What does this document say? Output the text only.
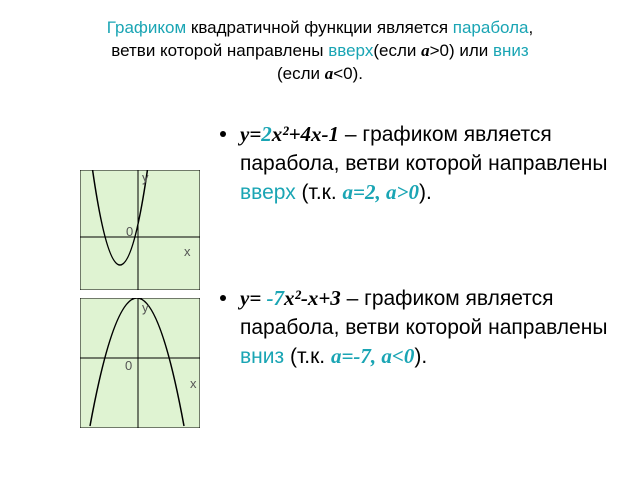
Графиком квадратичной функции является парабола,
ветви которой направлены вверх(если a>0) или вниз
(если a<0).
y
0
x
y
0
x
y=2x²+4x-1 – графиком является парабола, ветви которой направлены вверх (т.к. a=2, a>0).
y= -7x²-x+3 – графиком является парабола, ветви которой направлены вниз (т.к. a=-7, a<0).
